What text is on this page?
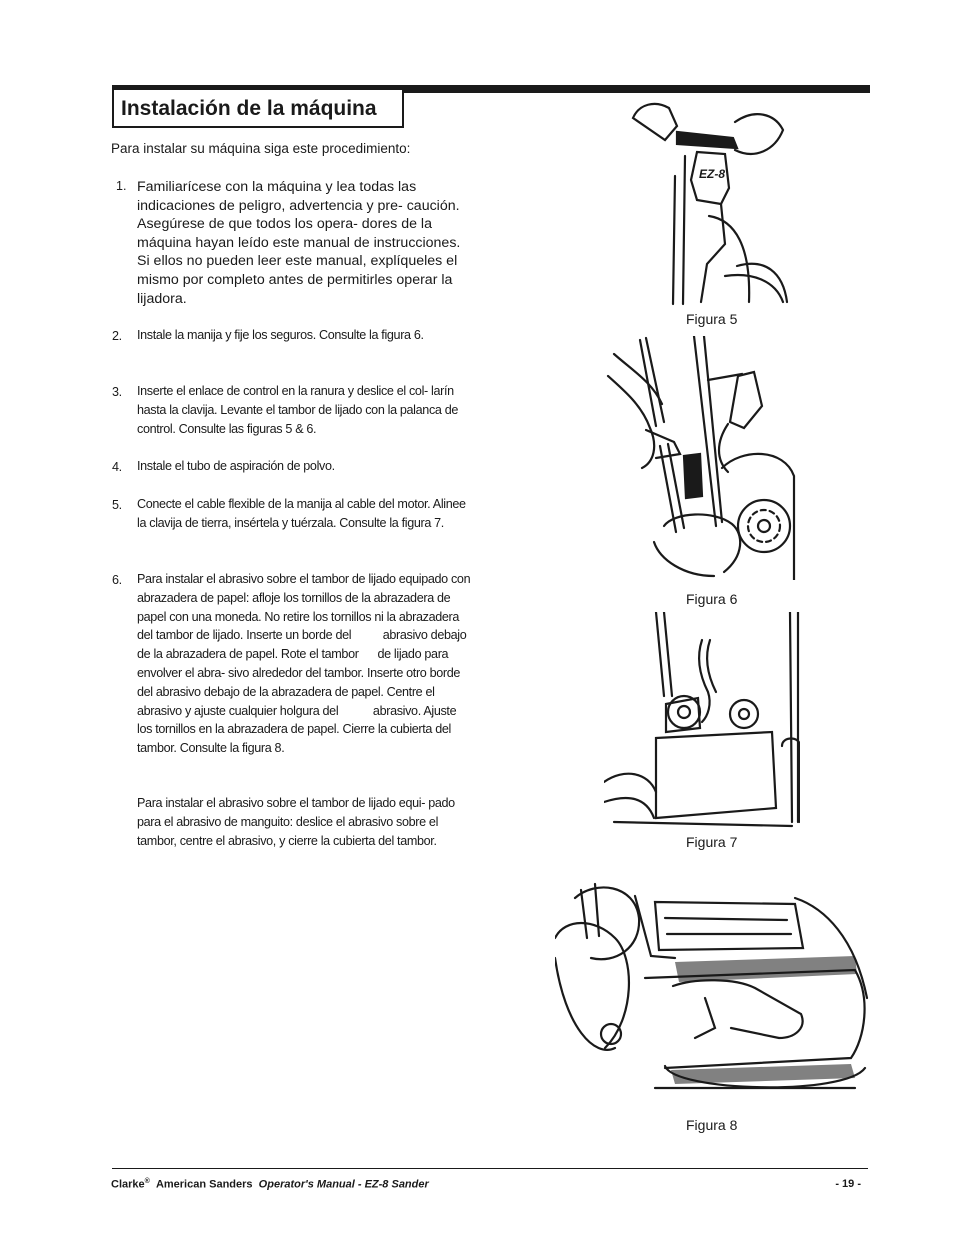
Instalación de la máquina
Para instalar su máquina siga este procedimiento:
1. Familiarícese con la máquina y lea todas las indicaciones de peligro, advertencia y pre- caución. Asegúrese de que todos los opera- dores de la máquina hayan leído este manual de instrucciones. Si ellos no pueden leer este manual, explíqueles el mismo por completo antes de permitirles operar la lijadora.
2. Instale la manija y fije los seguros. Consulte la figura 6.
3. Inserte el enlace de control en la ranura y deslice el col- larín hasta la clavija. Levante el tambor de lijado con la palanca de control. Consulte las figuras 5 & 6.
4. Instale el tubo de aspiración de polvo.
5. Conecte el cable flexible de la manija al cable del motor. Alinee la clavija de tierra, insértela y tuérzala. Consulte la figura 7.
6. Para instalar el abrasivo sobre el tambor de lijado equipado con abrazadera de papel: afloje los tornillos de la abrazadera de papel con una moneda. No retire los tornillos ni la abrazadera del tambor de lijado. Inserte un borde del          abrasivo debajo de la abrazadera de papel. Rote el tambor      de lijado para envolver el abra- sivo alrededor del tambor. Inserte otro borde del abrasivo debajo de la abrazadera de papel. Centre el abrasivo y ajuste cualquier holgura del           abrasivo. Ajuste los tornillos en la abrazadera de papel. Cierre la cubierta del tambor. Consulte la figura 8.
Para instalar el abrasivo sobre el tambor de lijado equi- pado para el abrasivo de manguito: deslice el abrasivo sobre el tambor, centre el abrasivo, y cierre la cubierta del tambor.
EZ-8
Figura 5
Figura 6
Figura 7
Figura 8
Clarke® American Sanders Operator's Manual - EZ-8 Sander	- 19 -
